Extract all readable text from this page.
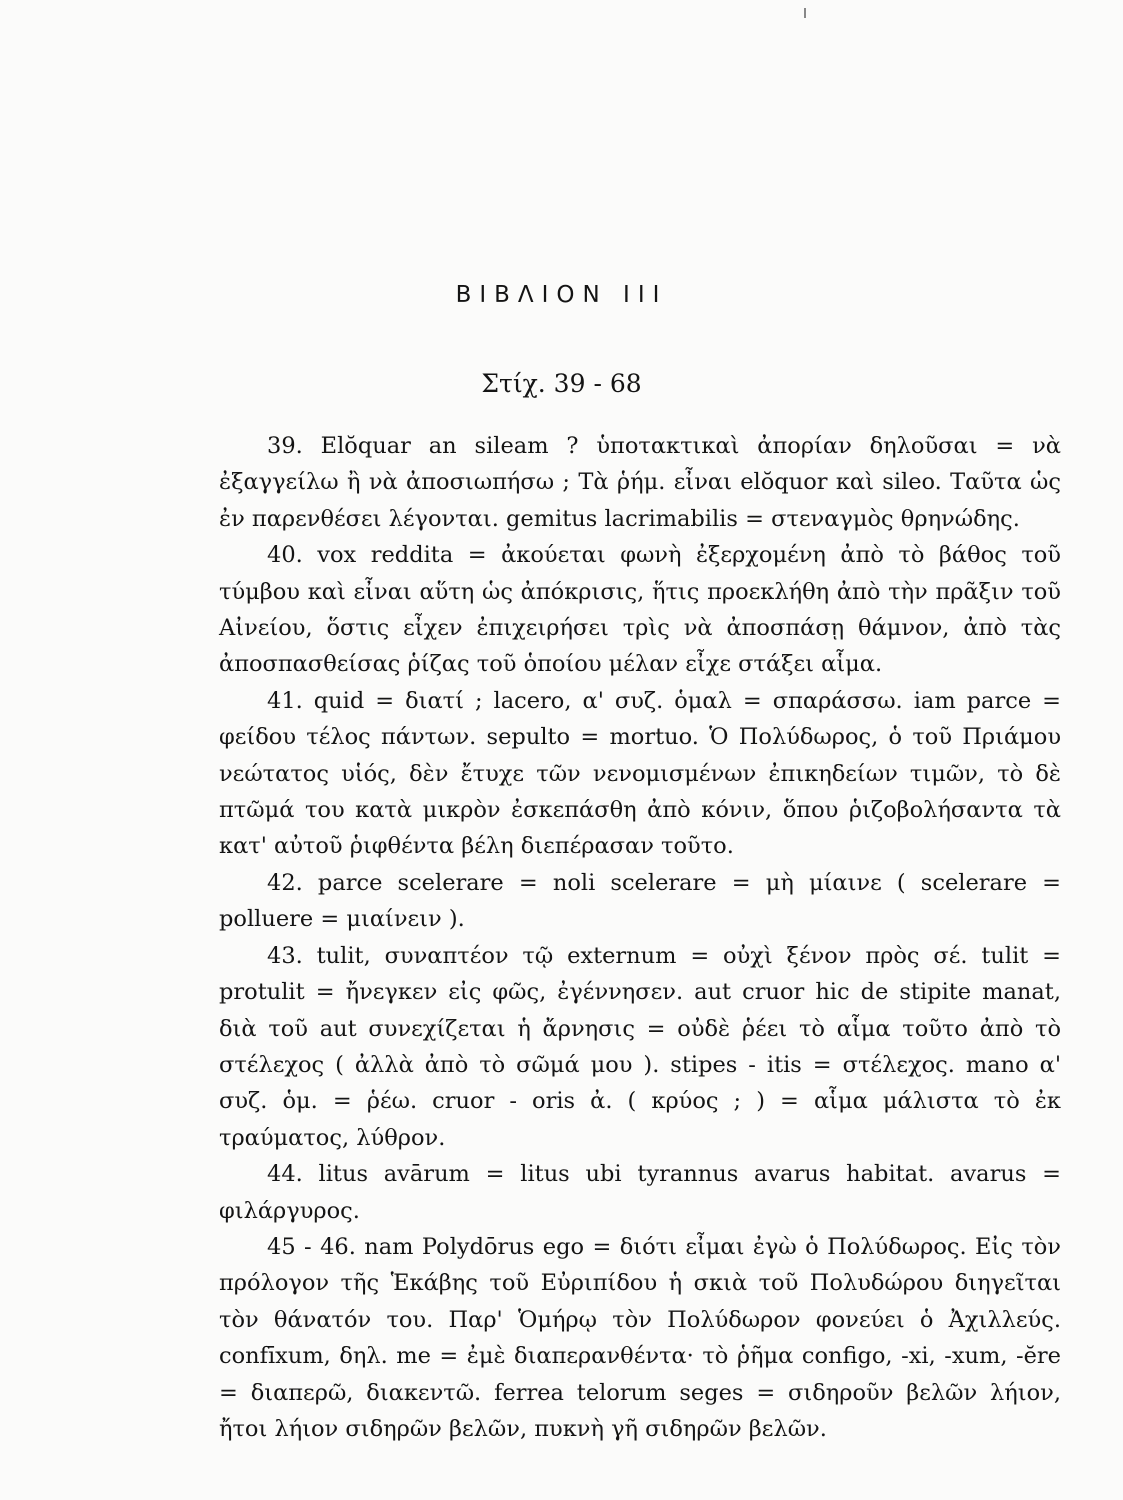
ΒΙΒΛΙΟΝ III
Στίχ. 39 - 68

39. Elŏquar an sileam ? ὑποτακτικαὶ ἀπορίαν δηλοῦσαι = νὰ ἐξαγγείλω ἢ νὰ ἀποσιωπήσω ; Τὰ ῥήμ. εἶναι elŏquor καὶ sileo. Ταῦτα ὡς ἐν παρενθέσει λέγονται. gemitus lacrimabilis = στεναγμὸς θρηνώδης.

40. vox reddita = ἀκούεται φωνὴ ἐξερχομένη ἀπὸ τὸ βάθος τοῦ τύμβου καὶ εἶναι αὕτη ὡς ἀπόκρισις, ἥτις προεκλήθη ἀπὸ τὴν πρᾶξιν τοῦ Αἰνείου, ὅστις εἶχεν ἐπιχειρήσει τρὶς νὰ ἀποσπάσῃ θάμνον, ἀπὸ τὰς ἀποσπασθείσας ῥίζας τοῦ ὁποίου μέλαν εἶχε στάξει αἷμα.

41. quid = διατί ; lacero, α' συζ. ὁμαλ = σπαράσσω. iam parce = φείδου τέλος πάντων. sepulto = mortuo. Ὁ Πολύδωρος, ὁ τοῦ Πριάμου νεώτατος υἱός, δὲν ἔτυχε τῶν νενομισμένων ἐπικηδείων τιμῶν, τὸ δὲ πτῶμά του κατὰ μικρὸν ἐσκεπάσθη ἀπὸ κόνιν, ὅπου ῥιζοβολήσαντα τὰ κατ' αὐτοῦ ῥιφθέντα βέλη διεπέρασαν τοῦτο.

42. parce scelerare = noli scelerare = μὴ μίαινε ( scelerare = polluere = μιαίνειν ).

43. tulit, συναπτέον τῷ externum = οὐχὶ ξένον πρὸς σέ. tulit = protulit = ἤνεγκεν εἰς φῶς, ἐγέννησεν. aut cruor hic de stipite manat, διὰ τοῦ aut συνεχίζεται ἡ ἄρνησις = οὐδὲ ῥέει τὸ αἷμα τοῦτο ἀπὸ τὸ στέλεχος ( ἀλλὰ ἀπὸ τὸ σῶμά μου ). stipes - itis = στέλεχος. mano α' συζ. ὁμ. = ῥέω. cruor - oris ἀ. ( κρύος ; ) = αἷμα μάλιστα τὸ ἐκ τραύματος, λύθρον.

44. litus avārum = litus ubi tyrannus avarus habitat. avarus = φιλάργυρος.

45 - 46. nam Polydōrus ego = διότι εἶμαι ἐγὼ ὁ Πολύδωρος. Εἰς τὸν πρόλογον τῆς Ἑκάβης τοῦ Εὐριπίδου ἡ σκιὰ τοῦ Πολυδώρου διηγεῖται τὸν θάνατόν του. Παρ' Ὁμήρῳ τὸν Πολύδωρον φονεύει ὁ Ἀχιλλεύς. confīxum, δηλ. me = ἐμὲ διαπερανθέντα· τὸ ῥῆμα configo, -xi, -xum, -ĕre = διαπερῶ, διακεντῶ. ferrea telorum seges = σιδηροῦν βελῶν λήιον, ἤτοι λήιον σιδηρῶν βελῶν, πυκνὴ γῆ σιδηρῶν βελῶν.
